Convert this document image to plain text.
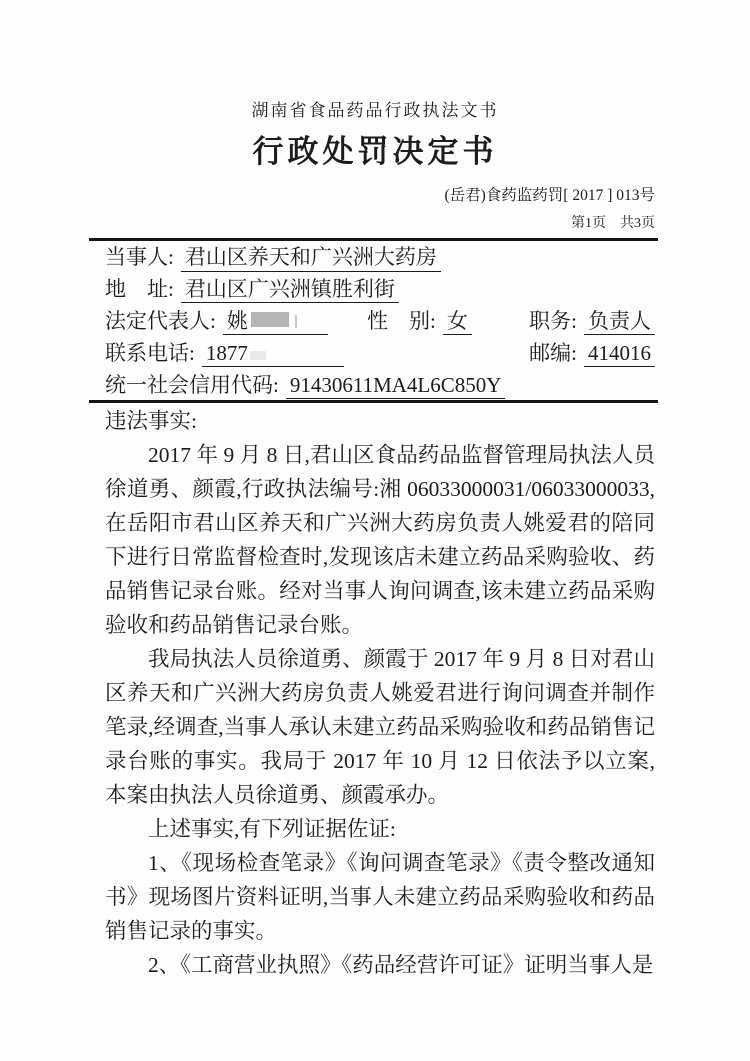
湖南省食品药品行政执法文书
行政处罚决定书
(岳君)食药监药罚[ 2017 ] 013号
第1页　共3页
当事人: 君山区养天和广兴洲大药房
地　址: 君山区广兴洲镇胜利街
法定代表人: 姚	性　别: 女	职务: 负责人
联系电话: 1877	邮编: 414016
统一社会信用代码: 91430611MA4L6C850Y
违法事实:

2017 年 9 月 8 日,君山区食品药品监督管理局执法人员徐道勇、颜霞,行政执法编号:湘 06033000031/06033000033,在岳阳市君山区养天和广兴洲大药房负责人姚爱君的陪同下进行日常监督检查时,发现该店未建立药品采购验收、药品销售记录台账。经对当事人询问调查,该未建立药品采购验收和药品销售记录台账。

我局执法人员徐道勇、颜霞于 2017 年 9 月 8 日对君山区养天和广兴洲大药房负责人姚爱君进行询问调查并制作笔录,经调查,当事人承认未建立药品采购验收和药品销售记录台账的事实。我局于 2017 年 10 月 12 日依法予以立案,本案由执法人员徐道勇、颜霞承办。

上述事实,有下列证据佐证:

1、《现场检查笔录》《询问调查笔录》《责令整改通知书》现场图片资料证明,当事人未建立药品采购验收和药品销售记录的事实。

2、《工商营业执照》《药品经营许可证》证明当事人是
